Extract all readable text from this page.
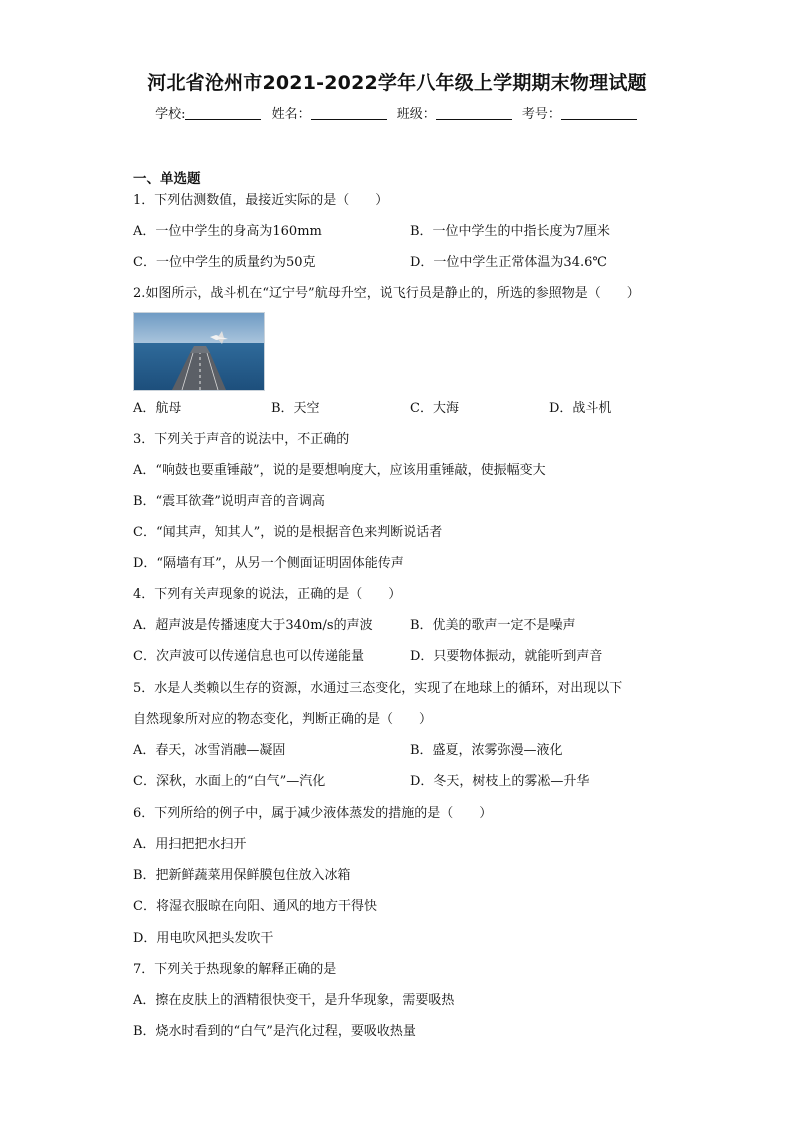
河北省沧州市2021-2022学年八年级上学期期末物理试题
学校:	姓名：	班级：	考号：
一、单选题
1．下列估测数值，最接近实际的是（　　）
A．一位中学生的身高为160mm	B．一位中学生的中指长度为7厘米
C．一位中学生的质量约为50克	D．一位中学生正常体温为34.6℃
2.如图所示，战斗机在“辽宁号”航母升空，说飞行员是静止的，所选的参照物是（　　）
A．航母	B．天空	C．大海	D．战斗机
3．下列关于声音的说法中，不正确的
A．“响鼓也要重锤敲”，说的是要想响度大，应该用重锤敲，使振幅变大
B．“震耳欲聋”说明声音的音调高
C．“闻其声，知其人”，说的是根据音色来判断说话者
D．“隔墙有耳”，从另一个侧面证明固体能传声
4．下列有关声现象的说法，正确的是（　　）
A．超声波是传播速度大于340m/s的声波	B．优美的歌声一定不是噪声
C．次声波可以传递信息也可以传递能量	D．只要物体振动，就能听到声音
5．水是人类赖以生存的资源，水通过三态变化，实现了在地球上的循环，对出现以下
自然现象所对应的物态变化，判断正确的是（　　）
A．春天，冰雪消融—凝固	B．盛夏，浓雾弥漫—液化
C．深秋，水面上的“白气”—汽化	D．冬天，树枝上的雾凇—升华
6．下列所给的例子中，属于减少液体蒸发的措施的是（　　）
A．用扫把把水扫开
B．把新鲜蔬菜用保鲜膜包住放入冰箱
C．将湿衣服晾在向阳、通风的地方干得快
D．用电吹风把头发吹干
7．下列关于热现象的解释正确的是
A．擦在皮肤上的酒精很快变干，是升华现象，需要吸热
B．烧水时看到的“白气”是汽化过程，要吸收热量
